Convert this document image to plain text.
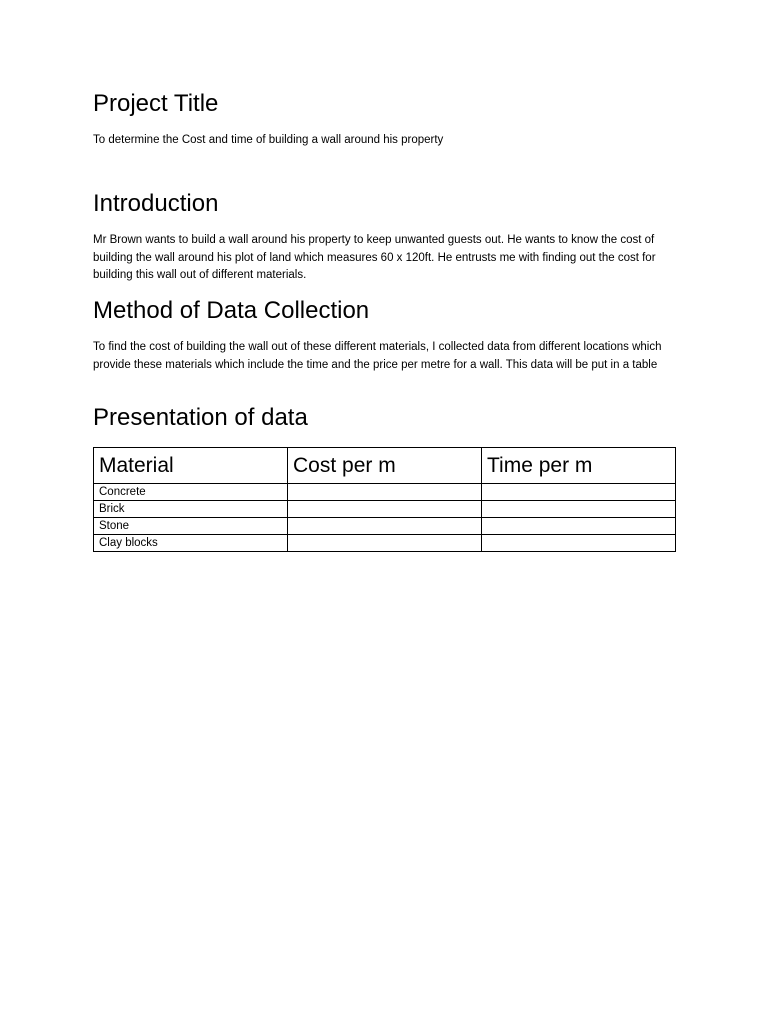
Project Title

To determine the Cost and time of building a wall around his property

Introduction

Mr Brown wants to build a wall around his property to keep unwanted guests out. He wants to know the cost of building the wall around his plot of land which measures 60 x 120ft. He entrusts me with finding out the cost for building this wall out of different materials.

Method of Data Collection

To find the cost of building the wall out of these different materials, I collected data from different locations which provide these materials which include the time and the price per metre for a wall. This data will be put in a table

Presentation of data
Material	Cost per m	Time per m
Concrete		
Brick		
Stone		
Clay blocks		
